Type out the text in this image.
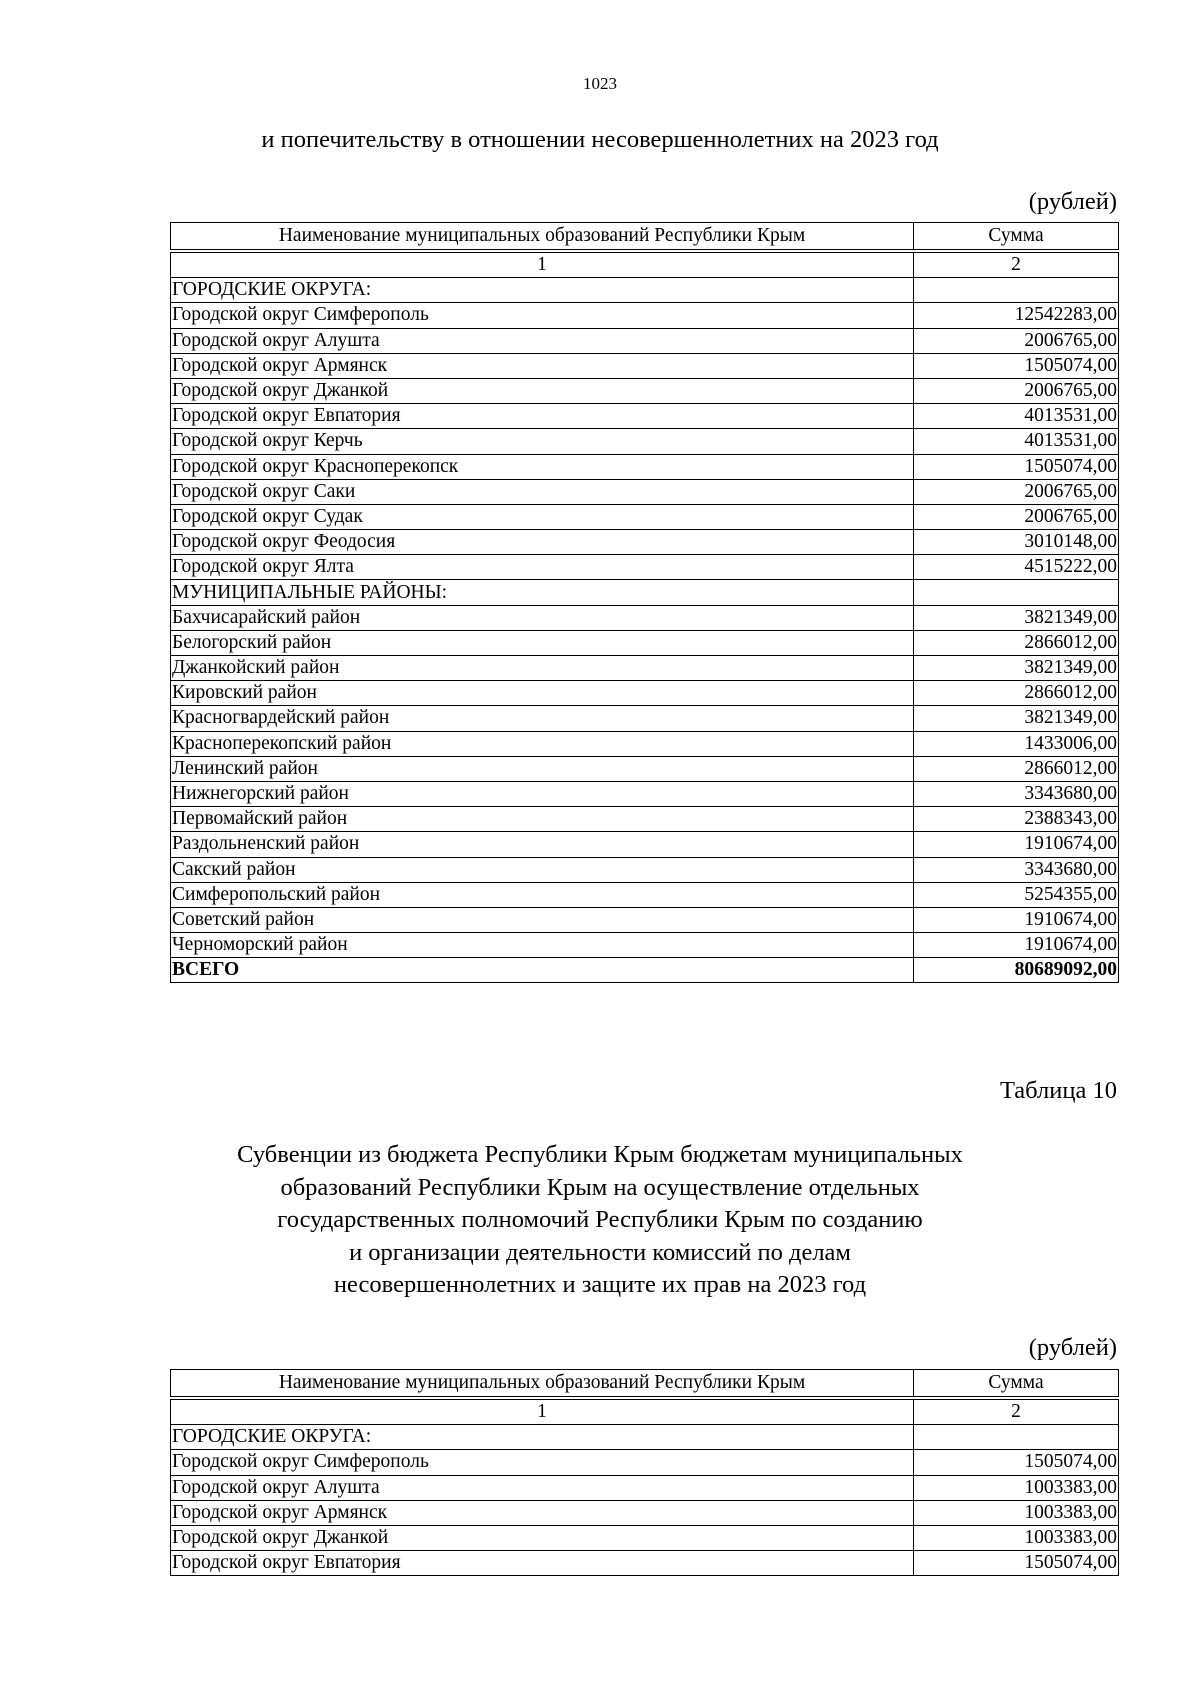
1023
и попечительству в отношении несовершеннолетних на 2023 год
(рублей)
Наименование муниципальных образований Республики Крым	Сумма
1	2
ГОРОДСКИЕ ОКРУГА:	
Городской округ Симферополь	12542283,00
Городской округ Алушта	2006765,00
Городской округ Армянск	1505074,00
Городской округ Джанкой	2006765,00
Городской округ Евпатория	4013531,00
Городской округ Керчь	4013531,00
Городской округ Красноперекопск	1505074,00
Городской округ Саки	2006765,00
Городской округ Судак	2006765,00
Городской округ Феодосия	3010148,00
Городской округ Ялта	4515222,00
МУНИЦИПАЛЬНЫЕ РАЙОНЫ:	
Бахчисарайский район	3821349,00
Белогорский район	2866012,00
Джанкойский район	3821349,00
Кировский район	2866012,00
Красногвардейский район	3821349,00
Красноперекопский район	1433006,00
Ленинский район	2866012,00
Нижнегорский район	3343680,00
Первомайский район	2388343,00
Раздольненский район	1910674,00
Сакский район	3343680,00
Симферопольский район	5254355,00
Советский район	1910674,00
Черноморский район	1910674,00
ВСЕГО	80689092,00
Таблица 10
Субвенции из бюджета Республики Крым бюджетам муниципальных
образований Республики Крым на осуществление отдельных
государственных полномочий Республики Крым по созданию
и организации деятельности комиссий по делам
несовершеннолетних и защите их прав на 2023 год
(рублей)
Наименование муниципальных образований Республики Крым	Сумма
1	2
ГОРОДСКИЕ ОКРУГА:	
Городской округ Симферополь	1505074,00
Городской округ Алушта	1003383,00
Городской округ Армянск	1003383,00
Городской округ Джанкой	1003383,00
Городской округ Евпатория	1505074,00
